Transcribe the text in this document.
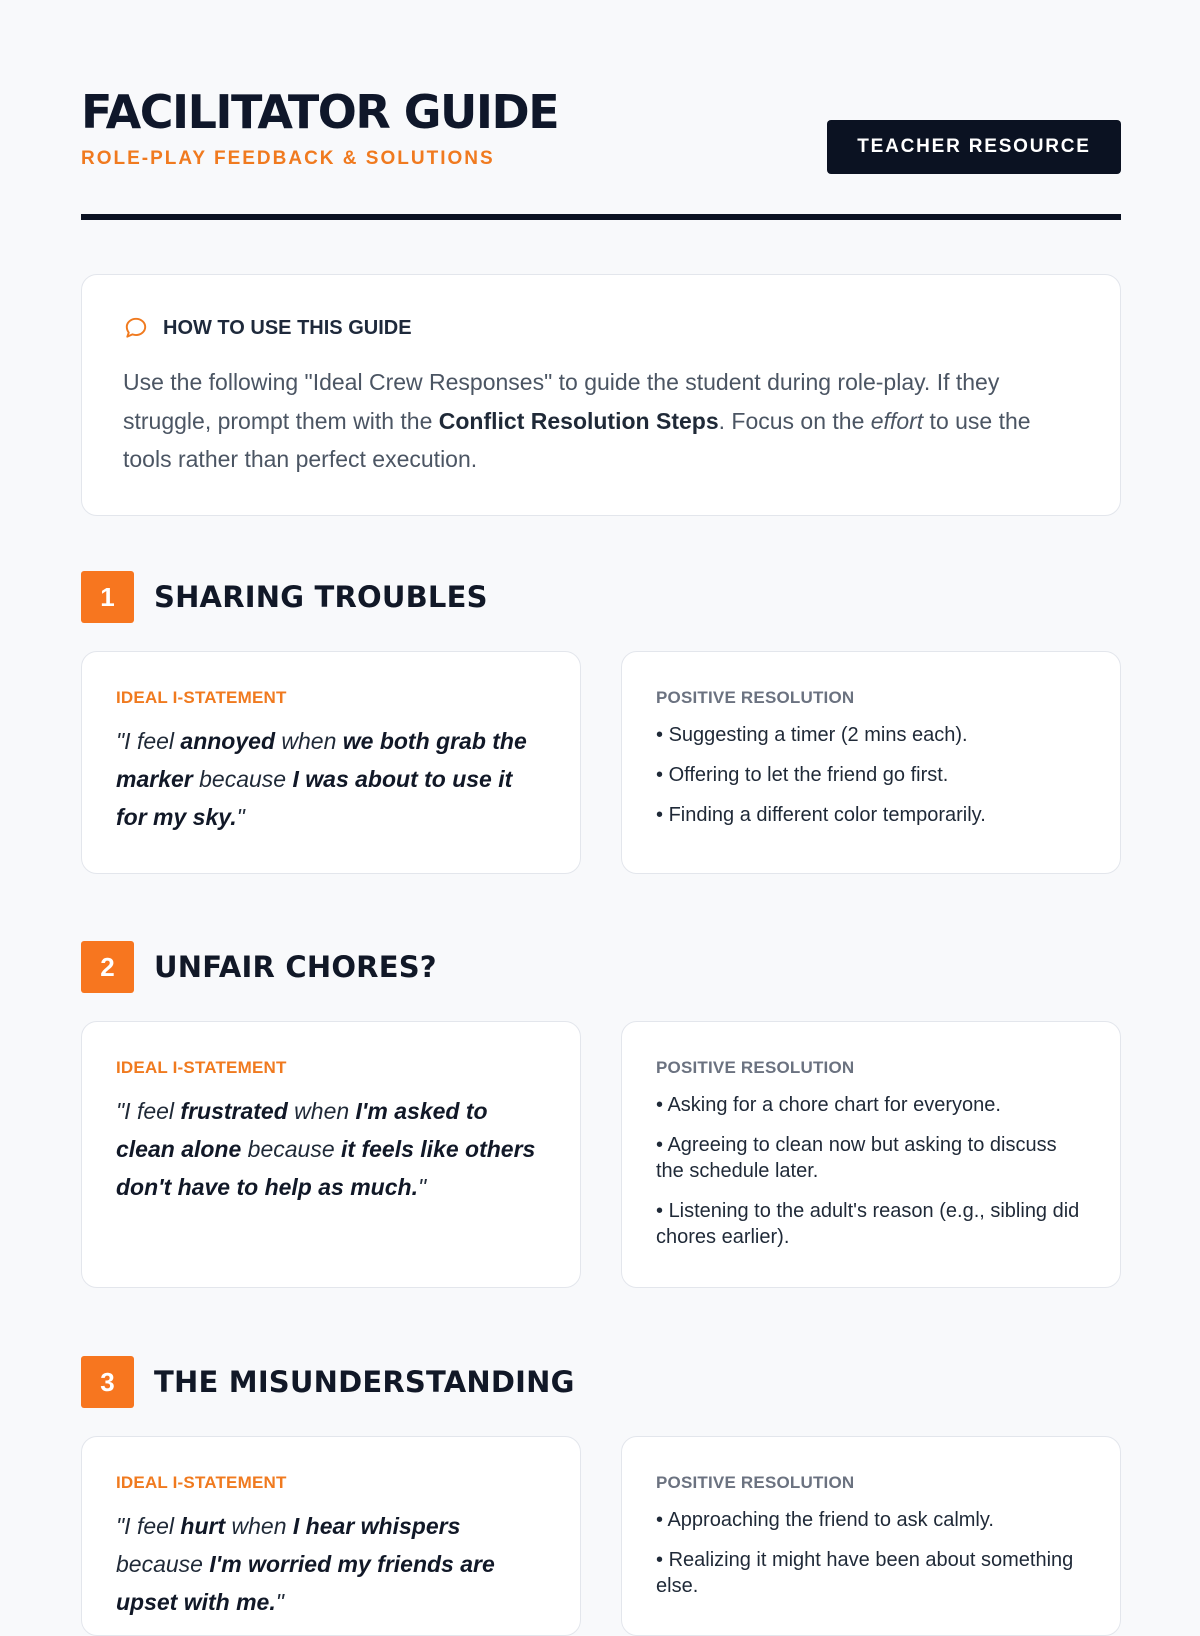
FACILITATOR GUIDE
ROLE-PLAY FEEDBACK & SOLUTIONS
TEACHER RESOURCE
HOW TO USE THIS GUIDE

Use the following "Ideal Crew Responses" to guide the student during role-play. If they struggle, prompt them with the Conflict Resolution Steps. Focus on the effort to use the tools rather than perfect execution.

1	SHARING TROUBLES
IDEAL I-STATEMENT

"I feel annoyed when we both grab the marker because I was about to use it for my sky."

POSITIVE RESOLUTION
• Suggesting a timer (2 mins each).
• Offering to let the friend go first.
• Finding a different color temporarily.
2	UNFAIR CHORES?
IDEAL I-STATEMENT

"I feel frustrated when I'm asked to clean alone because it feels like others don't have to help as much."

POSITIVE RESOLUTION
• Asking for a chore chart for everyone.
• Agreeing to clean now but asking to discuss the schedule later.
• Listening to the adult's reason (e.g., sibling did chores earlier).
3	THE MISUNDERSTANDING
IDEAL I-STATEMENT

"I feel hurt when I hear whispers because I'm worried my friends are upset with me."

POSITIVE RESOLUTION
• Approaching the friend to ask calmly.
• Realizing it might have been about something else.
